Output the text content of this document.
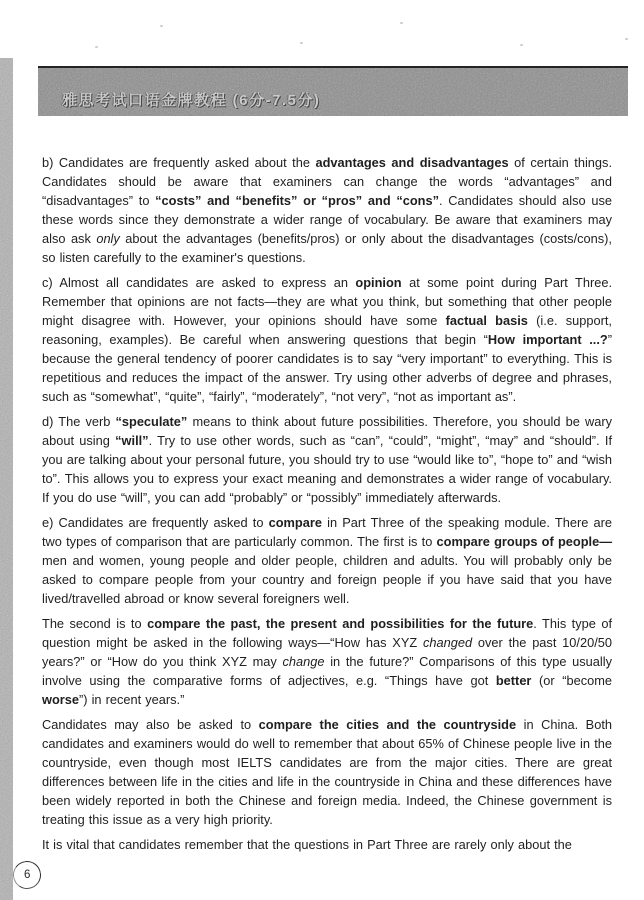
雅思考试口语金牌教程 (6分-7.5分)

b) Candidates are frequently asked about the advantages and disadvantages of certain things. Candidates should be aware that examiners can change the words “advantages” and “disadvantages” to “costs” and “benefits” or “pros” and “cons”. Candidates should also use these words since they demonstrate a wider range of vocabulary. Be aware that examiners may also ask only about the advantages (benefits/pros) or only about the disadvantages (costs/cons), so listen carefully to the examiner's questions.

c) Almost all candidates are asked to express an opinion at some point during Part Three. Remember that opinions are not facts—they are what you think, but something that other people might disagree with. However, your opinions should have some factual basis (i.e. support, reasoning, examples). Be careful when answering questions that begin “How important ...?” because the general tendency of poorer candidates is to say “very important” to everything. This is repetitious and reduces the impact of the answer. Try using other adverbs of degree and phrases, such as “somewhat”, “quite”, “fairly”, “moderately”, “not very”, “not as important as”.

d) The verb “speculate” means to think about future possibilities. Therefore, you should be wary about using “will”. Try to use other words, such as “can”, “could”, “might”, “may” and “should”. If you are talking about your personal future, you should try to use “would like to”, “hope to” and “wish to”. This allows you to express your exact meaning and demonstrates a wider range of vocabulary. If you do use “will”, you can add “probably” or “possibly” immediately afterwards.

e) Candidates are frequently asked to compare in Part Three of the speaking module. There are two types of comparison that are particularly common. The first is to compare groups of people—men and women, young people and older people, children and adults. You will probably only be asked to compare people from your country and foreign people if you have said that you have lived/travelled abroad or know several foreigners well.

The second is to compare the past, the present and possibilities for the future. This type of question might be asked in the following ways—“How has XYZ changed over the past 10/20/50 years?” or “How do you think XYZ may change in the future?” Comparisons of this type usually involve using the comparative forms of adjectives, e.g. “Things have got better (or “become worse”) in recent years.”

Candidates may also be asked to compare the cities and the countryside in China. Both candidates and examiners would do well to remember that about 65% of Chinese people live in the countryside, even though most IELTS candidates are from the major cities. There are great differences between life in the cities and life in the countryside in China and these differences have been widely reported in both the Chinese and foreign media. Indeed, the Chinese government is treating this issue as a very high priority.

It is vital that candidates remember that the questions in Part Three are rarely only about the

6
